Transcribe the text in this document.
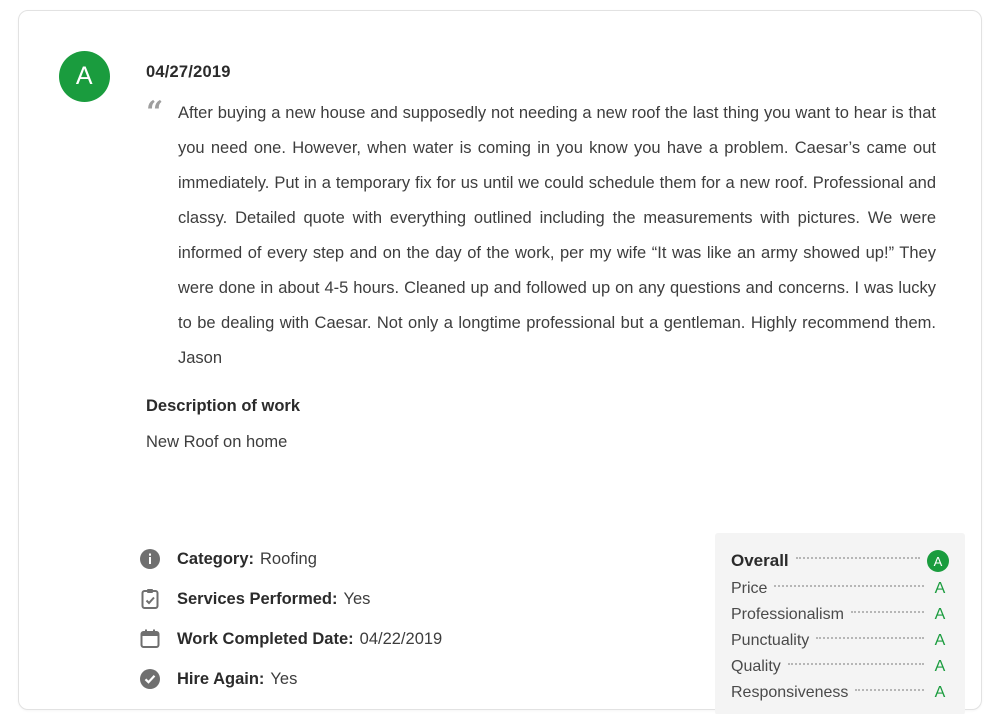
A	04/27/2019
“ After buying a new house and supposedly not needing a new roof the last thing you want to hear is that you need one. However, when water is coming in you know you have a problem. Caesar’s came out immediately. Put in a temporary fix for us until we could schedule them for a new roof. Professional and classy. Detailed quote with everything outlined including the measurements with pictures. We were informed of every step and on the day of the work, per my wife “It was like an army showed up!” They were done in about 4-5 hours. Cleaned up and followed up on any questions and concerns. I was lucky to be dealing with Caesar. Not only a longtime professional but a gentleman. Highly recommend them. Jason
Description of work
New Roof on home
Category: Roofing
Services Performed: Yes
Work Completed Date: 04/22/2019
Hire Again: Yes
Overall	A
Price	A
Professionalism	A
Punctuality	A
Quality	A
Responsiveness	A
